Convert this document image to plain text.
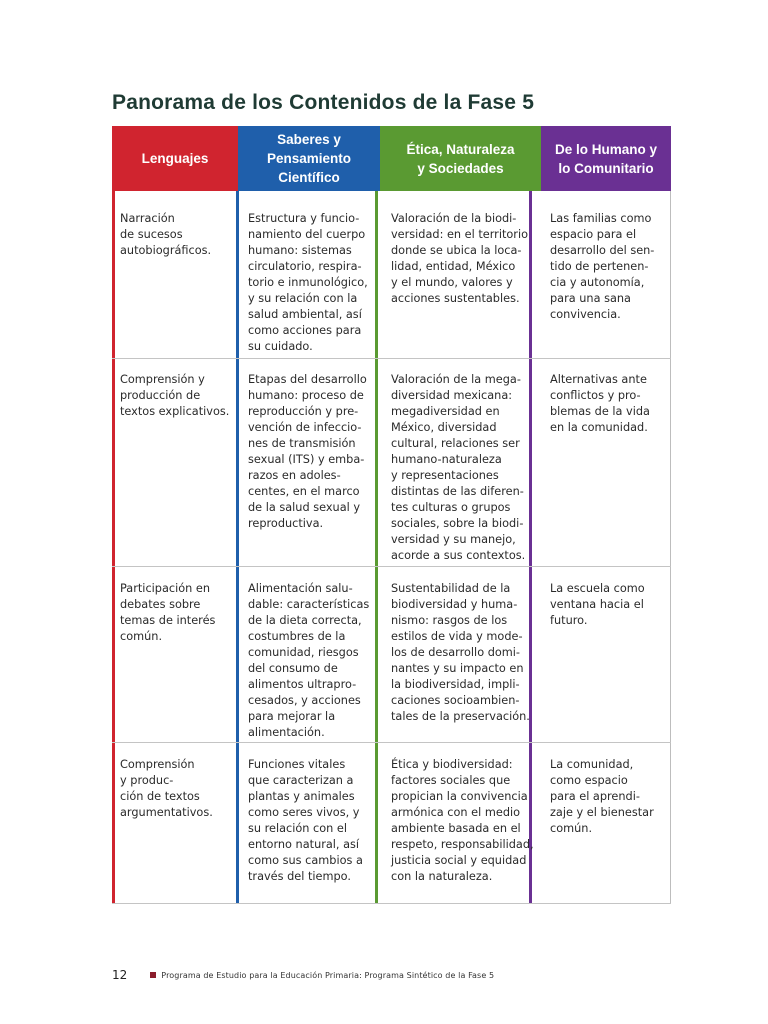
Panorama de los Contenidos de la Fase 5
Lenguajes
Saberes y
Pensamiento
Científico
Ética, Naturaleza
y Sociedades
De lo Humano y
lo Comunitario
Narración
de sucesos
autobiográficos.
Estructura y funcio-
namiento del cuerpo
humano: sistemas
circulatorio, respira-
torio e inmunológico,
y su relación con la
salud ambiental, así
como acciones para
su cuidado.
Valoración de la biodi-
versidad: en el territorio
donde se ubica la loca-
lidad, entidad, México
y el mundo, valores y
acciones sustentables.
Las familias como
espacio para el
desarrollo del sen-
tido de pertenen-
cia y autonomía,
para una sana
convivencia.
Comprensión y
producción de
textos explicativos.
Etapas del desarrollo
humano: proceso de
reproducción y pre-
vención de infeccio-
nes de transmisión
sexual (ITS) y emba-
razos en adoles-
centes, en el marco
de la salud sexual y
reproductiva.
Valoración de la mega-
diversidad mexicana:
megadiversidad en
México, diversidad
cultural, relaciones ser
humano-naturaleza
y representaciones
distintas de las diferen-
tes culturas o grupos
sociales, sobre la biodi-
versidad y su manejo,
acorde a sus contextos.
Alternativas ante
conflictos y pro-
blemas de la vida
en la comunidad.
Participación en
debates sobre
temas de interés
común.
Alimentación salu-
dable: características
de la dieta correcta,
costumbres de la
comunidad, riesgos
del consumo de
alimentos ultrapro-
cesados, y acciones
para mejorar la
alimentación.
Sustentabilidad de la
biodiversidad y huma-
nismo: rasgos de los
estilos de vida y mode-
los de desarrollo domi-
nantes y su impacto en
la biodiversidad, impli-
caciones socioambien-
tales de la preservación.
La escuela como
ventana hacia el
futuro.
Comprensión
y produc-
ción de textos
argumentativos.
Funciones vitales
que caracterizan a
plantas y animales
como seres vivos, y
su relación con el
entorno natural, así
como sus cambios a
través del tiempo.
Ética y biodiversidad:
factores sociales que
propician la convivencia
armónica con el medio
ambiente basada en el
respeto, responsabilidad,
justicia social y equidad
con la naturaleza.
La comunidad,
como espacio
para el aprendi-
zaje y el bienestar
común.
12	Programa de Estudio para la Educación Primaria: Programa Sintético de la Fase 5
